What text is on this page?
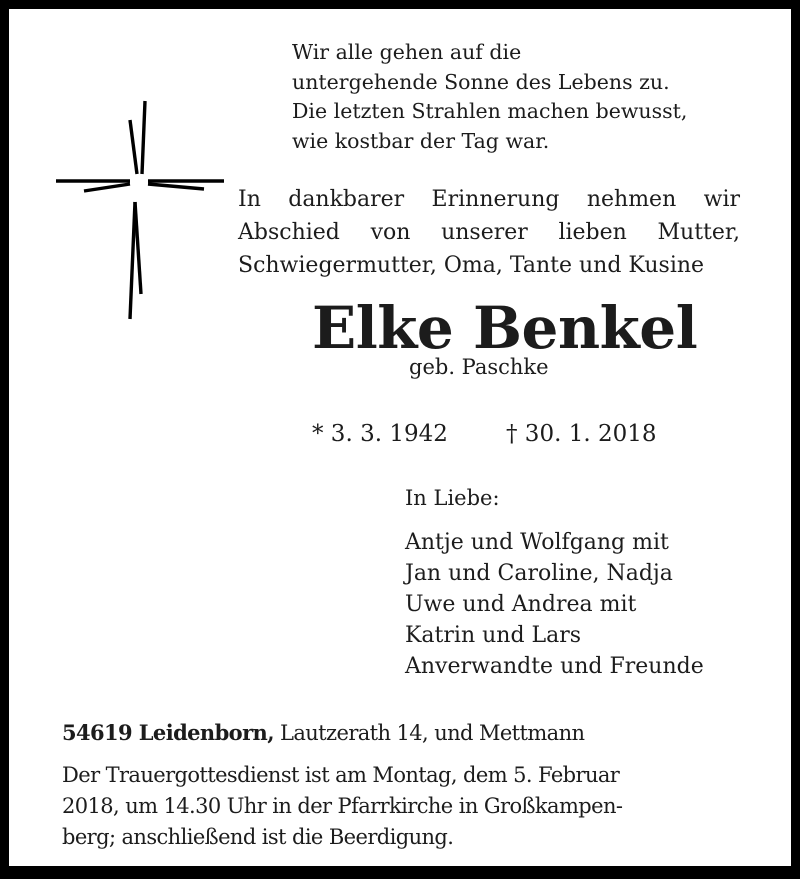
Wir alle gehen auf die
untergehende Sonne des Lebens zu.
Die letzten Strahlen machen bewusst,
wie kostbar der Tag war.
In dankbarer Erinnerung nehmen wir
Abschied von unserer lieben Mutter,
Schwiegermutter, Oma, Tante und Kusine
Elke Benkel
geb. Paschke
* 3. 3. 1942	† 30. 1. 2018
In Liebe:
Antje und Wolfgang mit
Jan und Caroline, Nadja
Uwe und Andrea mit
Katrin und Lars
Anverwandte und Freunde
54619 Leidenborn, Lautzerath 14, und Mettmann
Der Trauergottesdienst ist am Montag, dem 5. Februar
2018, um 14.30 Uhr in der Pfarrkirche in Großkampen-
berg; anschließend ist die Beerdigung.
